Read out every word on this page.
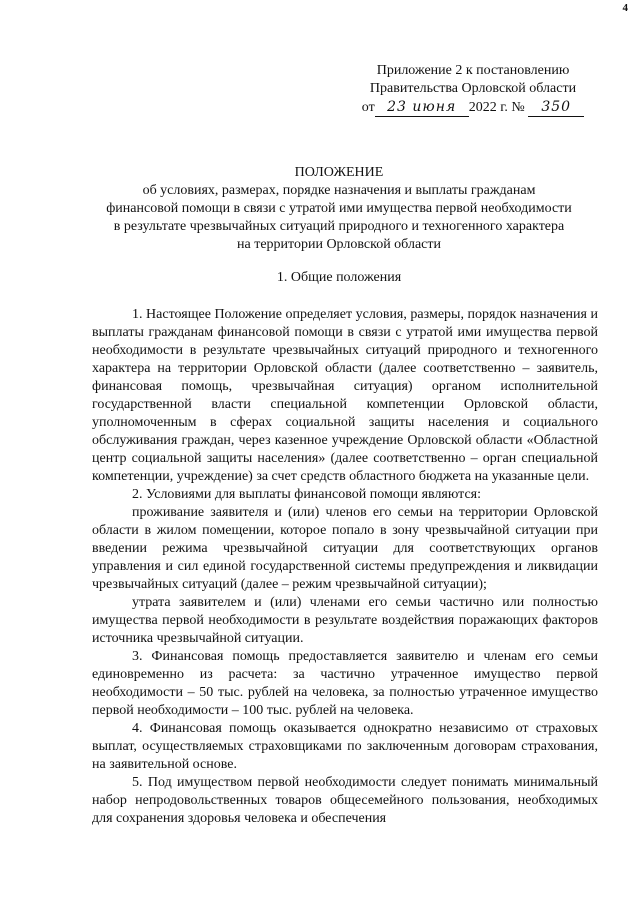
4
Приложение 2 к постановлению
Правительства Орловской области
от 23 июня 2022 г. № 350
ПОЛОЖЕНИЕ
об условиях, размерах, порядке назначения и выплаты гражданам
финансовой помощи в связи с утратой ими имущества первой необходимости
в результате чрезвычайных ситуаций природного и техногенного характера
на территории Орловской области
1. Общие положения

1. Настоящее Положение определяет условия, размеры, порядок назначения и выплаты гражданам финансовой помощи в связи с утратой ими имущества первой необходимости в результате чрезвычайных ситуаций природного и техногенного характера на территории Орловской области (далее соответственно – заявитель, финансовая помощь, чрезвычайная ситуация) органом исполнительной государственной власти специальной компетенции Орловской области, уполномоченным в сферах социальной защиты населения и социального обслуживания граждан, через казенное учреждение Орловской области «Областной центр социальной защиты населения» (далее соответственно – орган специальной компетенции, учреждение) за счет средств областного бюджета на указанные цели.

2. Условиями для выплаты финансовой помощи являются:

проживание заявителя и (или) членов его семьи на территории Орловской области в жилом помещении, которое попало в зону чрезвычайной ситуации при введении режима чрезвычайной ситуации для соответствующих органов управления и сил единой государственной системы предупреждения и ликвидации чрезвычайных ситуаций (далее – режим чрезвычайной ситуации);

утрата заявителем и (или) членами его семьи частично или полностью имущества первой необходимости в результате воздействия поражающих факторов источника чрезвычайной ситуации.

3. Финансовая помощь предоставляется заявителю и членам его семьи единовременно из расчета: за частично утраченное имущество первой необходимости – 50 тыс. рублей на человека, за полностью утраченное имущество первой необходимости – 100 тыс. рублей на человека.

4. Финансовая помощь оказывается однократно независимо от страховых выплат, осуществляемых страховщиками по заключенным договорам страхования, на заявительной основе.

5. Под имуществом первой необходимости следует понимать минимальный набор непродовольственных товаров общесемейного пользования, необходимых для сохранения здоровья человека и обеспечения
